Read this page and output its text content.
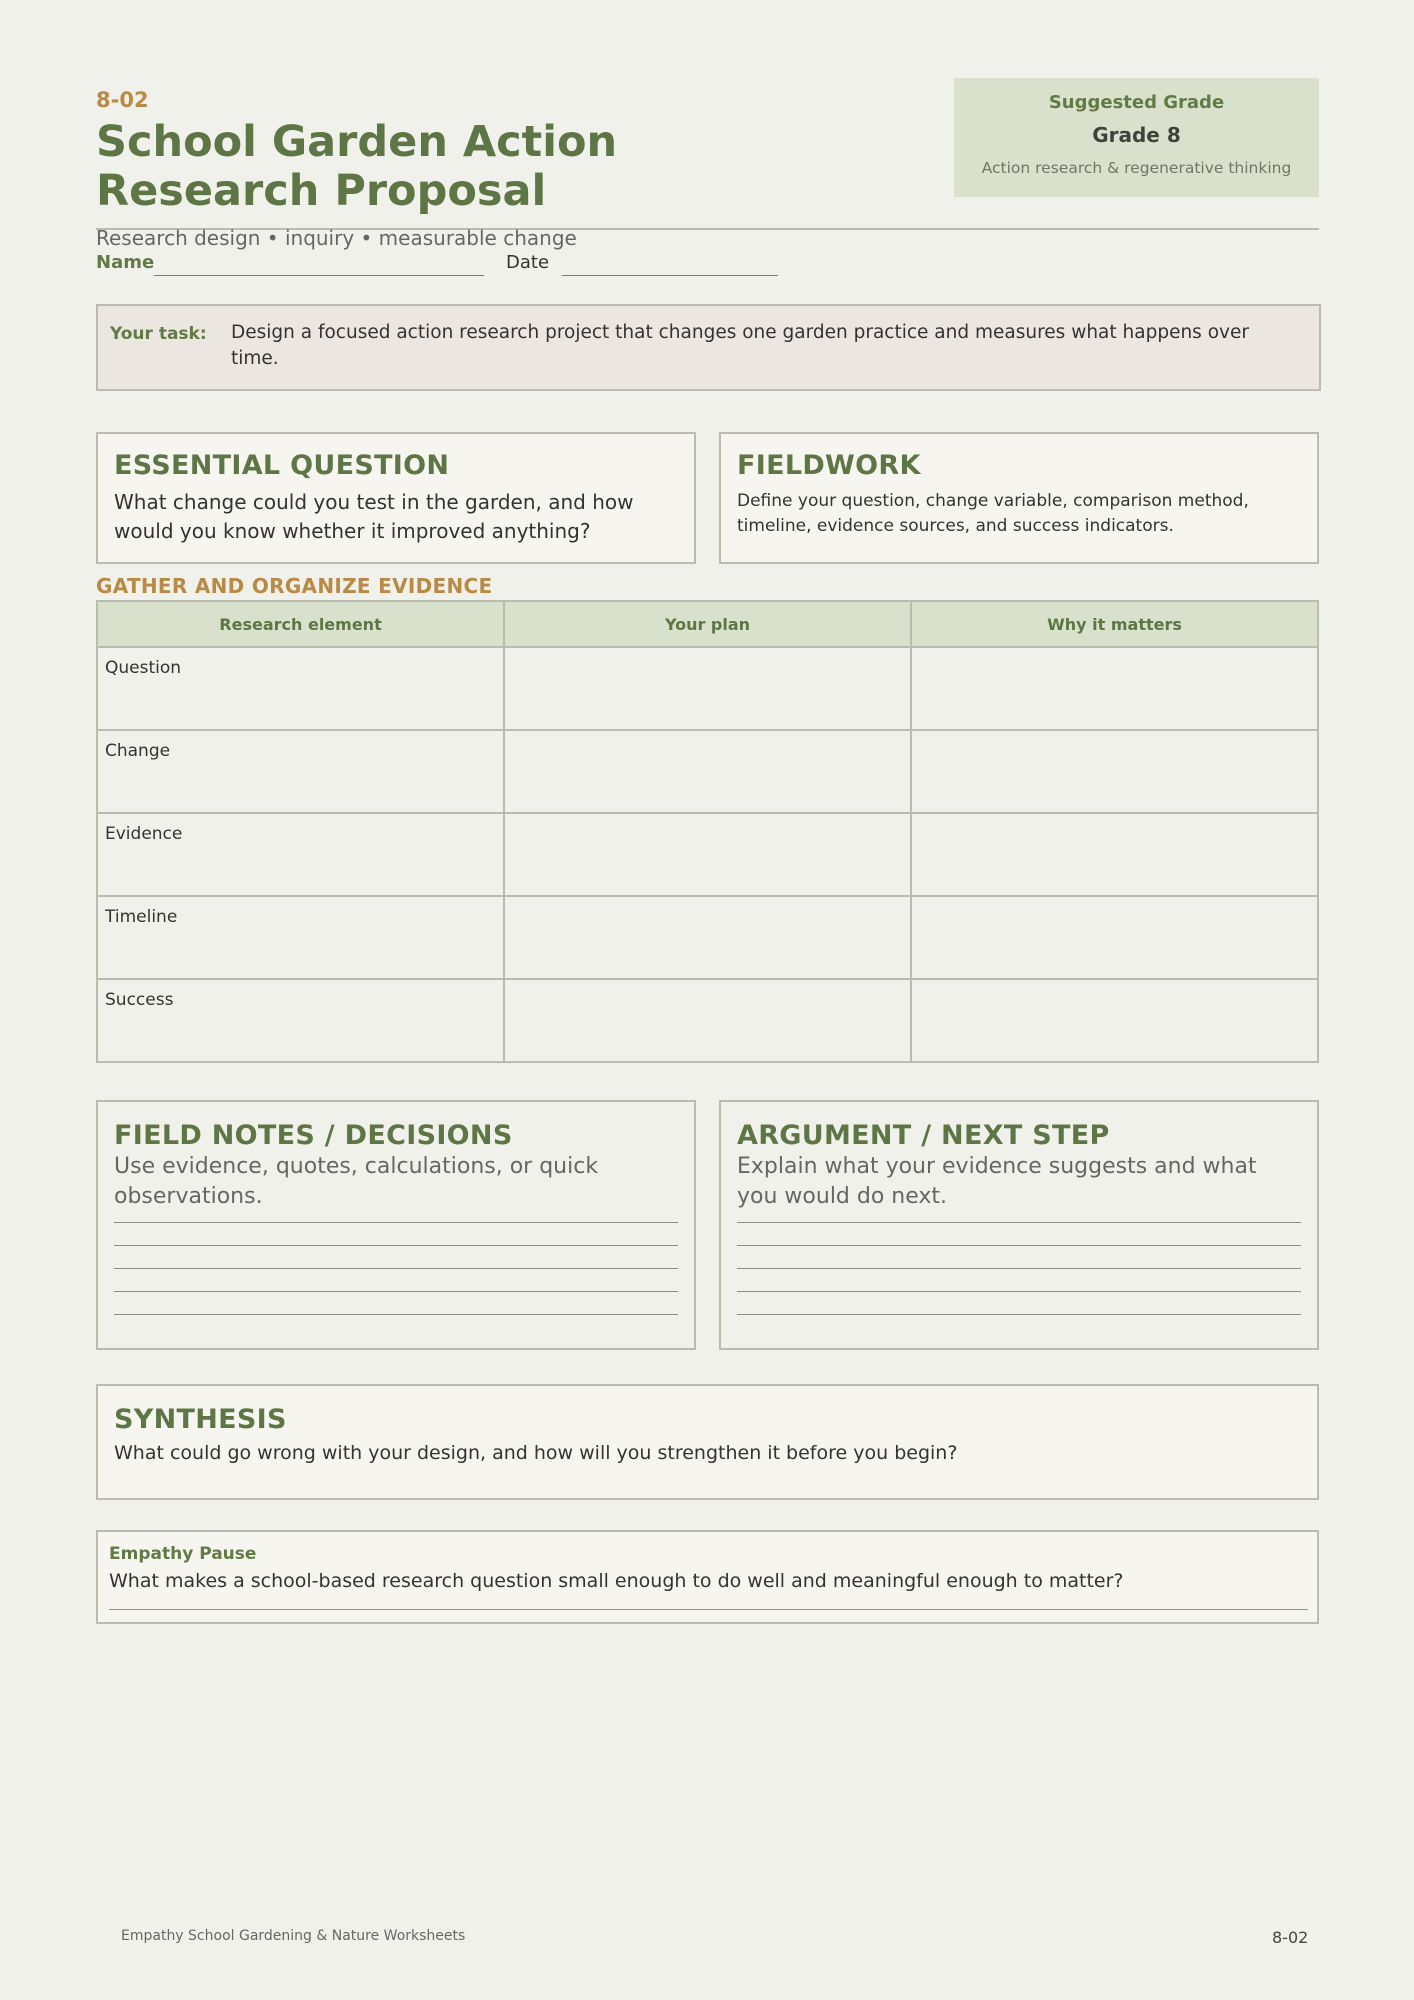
8-02
School Garden Action Research Proposal
Suggested Grade
Grade 8
Action research & regenerative thinking
Research design • inquiry • measurable change
Name	Date
Your task: Design a focused action research project that changes one garden practice and measures what happens over time.
ESSENTIAL QUESTION
What change could you test in the garden, and how would you know whether it improved anything?
FIELDWORK
Define your question, change variable, comparison method, timeline, evidence sources, and success indicators.
GATHER AND ORGANIZE EVIDENCE
Research element	Your plan	Why it matters
Question		
Change		
Evidence		
Timeline		
Success		
FIELD NOTES / DECISIONS
Use evidence, quotes, calculations, or quick observations.
ARGUMENT / NEXT STEP
Explain what your evidence suggests and what you would do next.
SYNTHESIS
What could go wrong with your design, and how will you strengthen it before you begin?
Empathy Pause
What makes a school-based research question small enough to do well and meaningful enough to matter?
Empathy School Gardening & Nature Worksheets	8-02
